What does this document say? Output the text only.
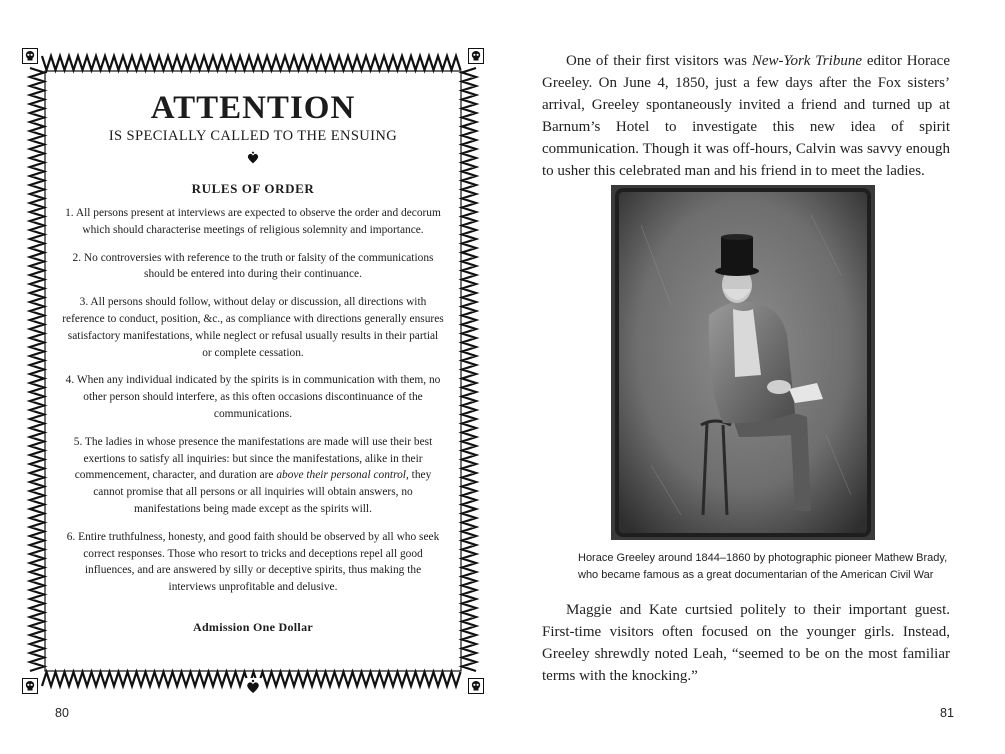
ATTENTION
IS SPECIALLY CALLED TO THE ENSUING
RULES OF ORDER
1. All persons present at interviews are expected to observe the order and decorum which should characterise meetings of religious solemnity and importance.
2. No controversies with reference to the truth or falsity of the communications should be entered into during their continuance.
3. All persons should follow, without delay or discussion, all directions with reference to conduct, position, &c., as compliance with directions generally ensures satisfactory manifestations, while neglect or refusal usually results in their partial or complete cessation.
4. When any individual indicated by the spirits is in communication with them, no other person should interfere, as this often occasions discontinuance of the communications.
5. The ladies in whose presence the manifestations are made will use their best exertions to satisfy all inquiries: but since the manifestations, alike in their commencement, character, and duration are above their personal control, they cannot promise that all persons or all inquiries will obtain answers, no manifestations being made except as the spirits will.
6. Entire truthfulness, honesty, and good faith should be observed by all who seek correct responses. Those who resort to tricks and deceptions repel all good influences, and are answered by silly or deceptive spirits, thus making the interviews unprofitable and delusive.
Admission One Dollar
80

One of their first visitors was New-York Tribune editor Horace Greeley. On June 4, 1850, just a few days after the Fox sisters’ arrival, Greeley spontaneously invited a friend and turned up at Barnum’s Hotel to investigate this new idea of spirit communication. Though it was off-hours, Calvin was savvy enough to usher this celebrated man and his friend in to meet the ladies.

Horace Greeley around 1844–1860 by photographic pioneer Mathew Brady,
who became famous as a great documentarian of the American Civil War

Maggie and Kate curtsied politely to their important guest. First-time visitors often focused on the younger girls. Instead, Greeley shrewdly noted Leah, “seemed to be on the most familiar terms with the knocking.”

81
